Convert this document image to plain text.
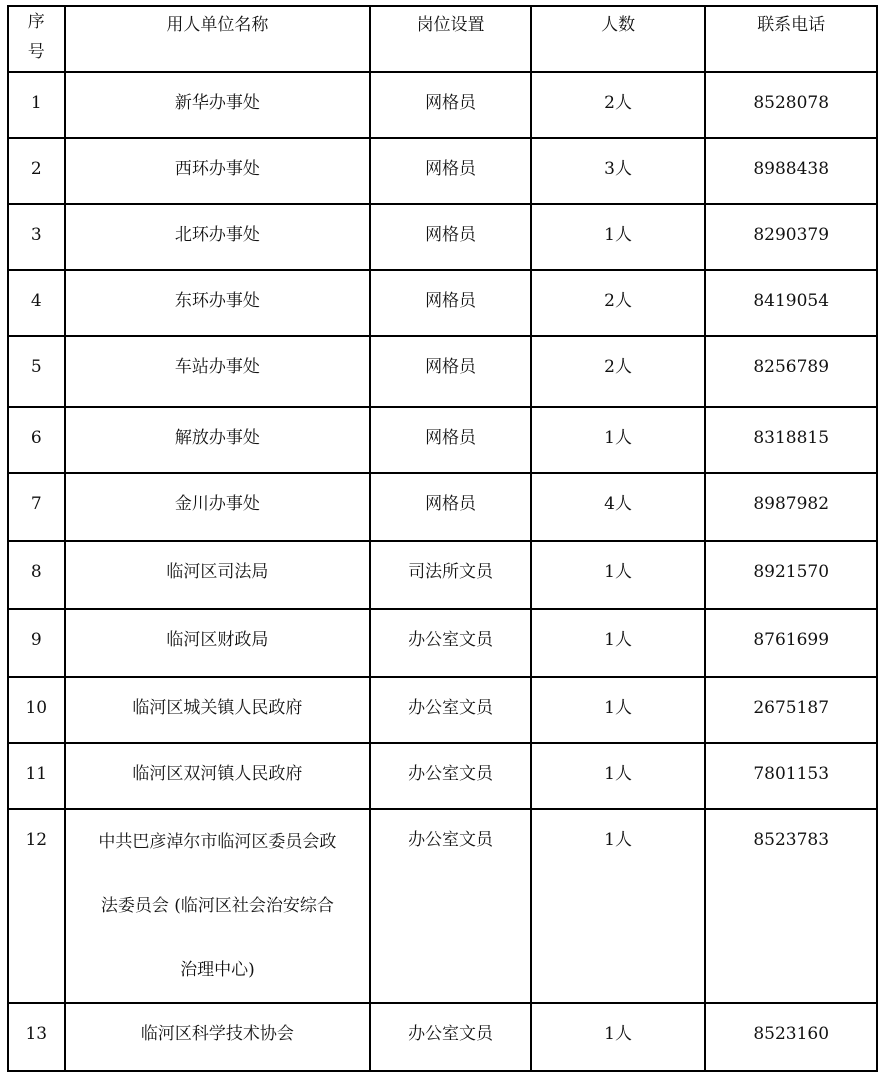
序
号	用人单位名称	岗位设置	人数	联系电话
1	新华办事处	网格员	2人	8528078
2	西环办事处	网格员	3人	8988438
3	北环办事处	网格员	1人	8290379
4	东环办事处	网格员	2人	8419054
5	车站办事处	网格员	2人	8256789
6	解放办事处	网格员	1人	8318815
7	金川办事处	网格员	4人	8987982
8	临河区司法局	司法所文员	1人	8921570
9	临河区财政局	办公室文员	1人	8761699
10	临河区城关镇人民政府	办公室文员	1人	2675187
11	临河区双河镇人民政府	办公室文员	1人	7801153
12	中共巴彦淖尔市临河区委员会政
法委员会 (临河区社会治安综合
治理中心)	办公室文员	1人	8523783
13	临河区科学技术协会	办公室文员	1人	8523160
